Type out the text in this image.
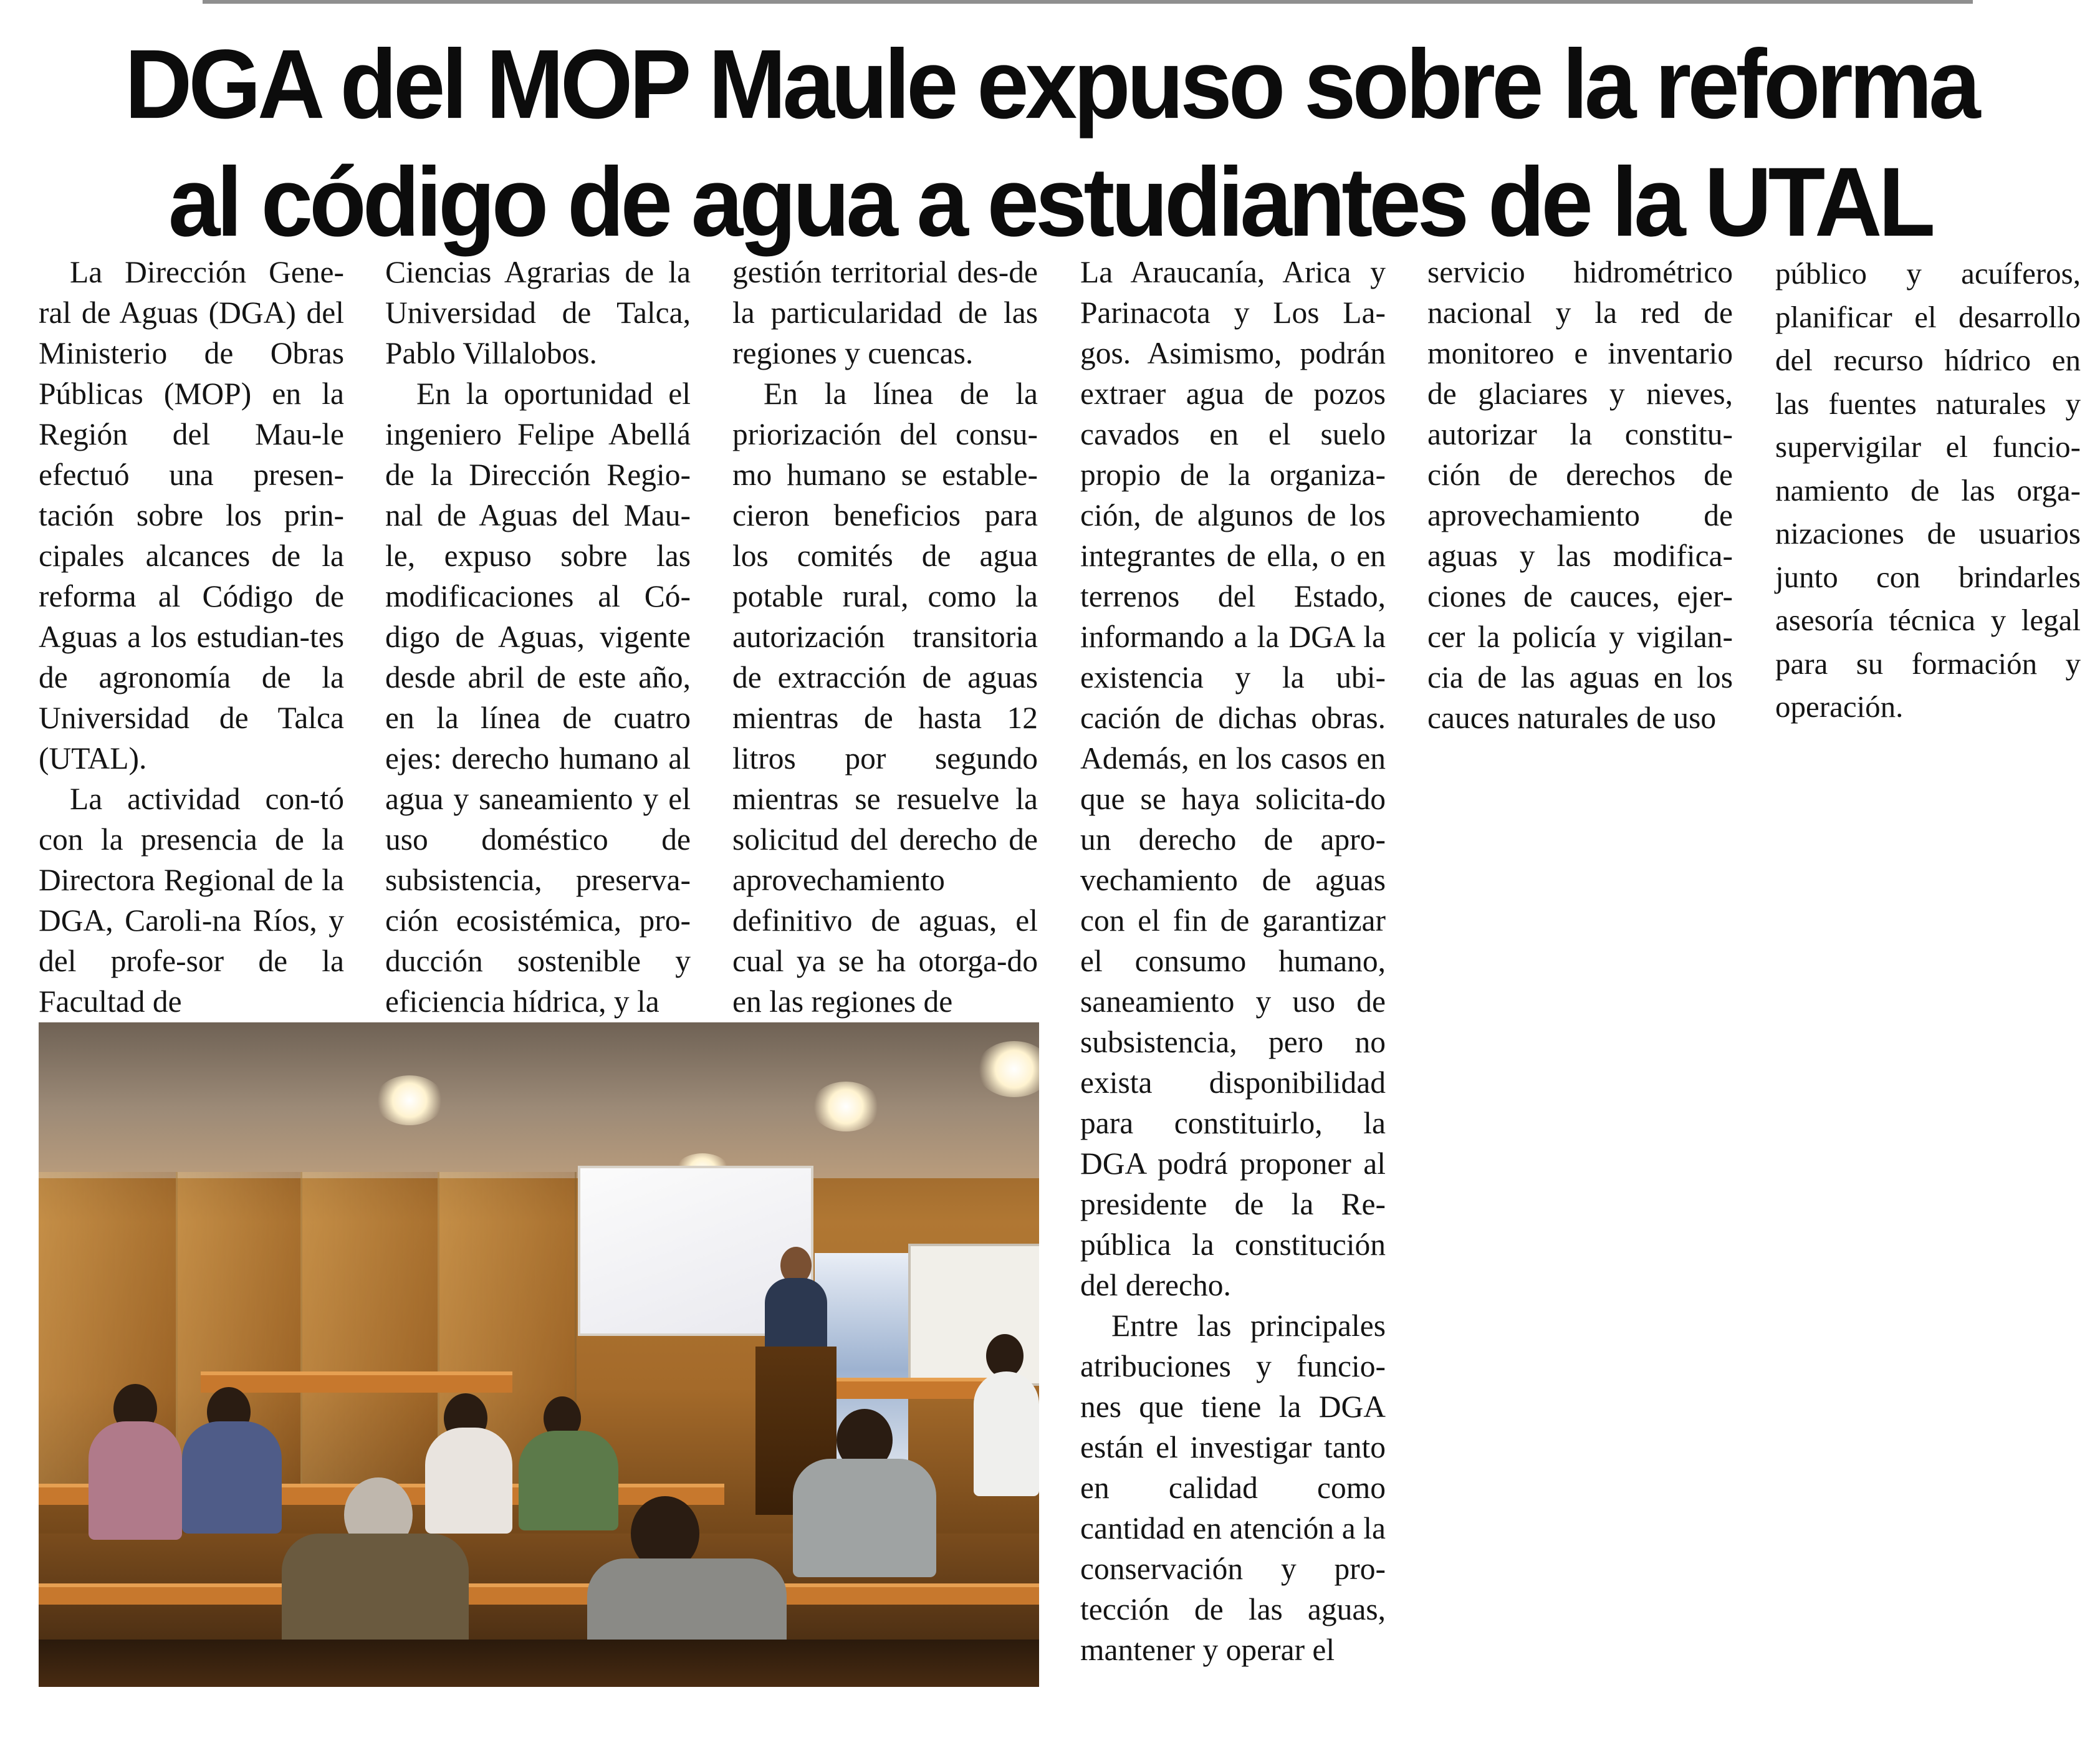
DGA del MOP Maule expuso sobre la reforma
al código de agua a estudiantes de la UTAL

La Dirección Gene-ral de Aguas (DGA) del Ministerio de Obras Públicas (MOP) en la Región del Mau-le efectuó una presen-tación sobre los prin-cipales alcances de la reforma al Código de Aguas a los estudian-tes de agronomía de la Universidad de Talca (UTAL).

La actividad con-tó con la presencia de la Directora Regional de la DGA, Caroli-na Ríos, y del profe-sor de la Facultad de

Ciencias Agrarias de la Universidad de Talca, Pablo Villalobos.

En la oportunidad el ingeniero Felipe Abellá de la Dirección Regio-nal de Aguas del Mau-le, expuso sobre las modificaciones al Có-digo de Aguas, vigente desde abril de este año, en la línea de cuatro ejes: derecho humano al agua y saneamiento y el uso doméstico de subsistencia, preserva-ción ecosistémica, pro-ducción sostenible y eficiencia hídrica, y la

gestión territorial des-de la particularidad de las regiones y cuencas.

En la línea de la priorización del consu-mo humano se estable-cieron beneficios para los comités de agua potable rural, como la autorización transitoria de extracción de aguas mientras de hasta 12 litros por segundo mientras se resuelve la solicitud del derecho de aprovechamiento definitivo de aguas, el cual ya se ha otorga-do en las regiones de

La Araucanía, Arica y Parinacota y Los La-gos. Asimismo, podrán extraer agua de pozos cavados en el suelo propio de la organiza-ción, de algunos de los integrantes de ella, o en terrenos del Estado, informando a la DGA la existencia y la ubi-cación de dichas obras. Además, en los casos en que se haya solicita-do un derecho de apro-vechamiento de aguas con el fin de garantizar el consumo humano, saneamiento y uso de subsistencia, pero no exista disponibilidad para constituirlo, la DGA podrá proponer al presidente de la Re-pública la constitución del derecho.

Entre las principales atribuciones y funcio-nes que tiene la DGA están el investigar tanto en calidad como cantidad en atención a la conservación y pro-tección de las aguas, mantener y operar el

servicio hidrométrico nacional y la red de monitoreo e inventario de glaciares y nieves, autorizar la constitu-ción de derechos de aprovechamiento de aguas y las modifica-ciones de cauces, ejer-cer la policía y vigilan-cia de las aguas en los cauces naturales de uso

público y acuíferos, planificar el desarrollo del recurso hídrico en las fuentes naturales y supervigilar el funcio-namiento de las orga-nizaciones de usuarios junto con brindarles asesoría técnica y legal para su formación y operación.
